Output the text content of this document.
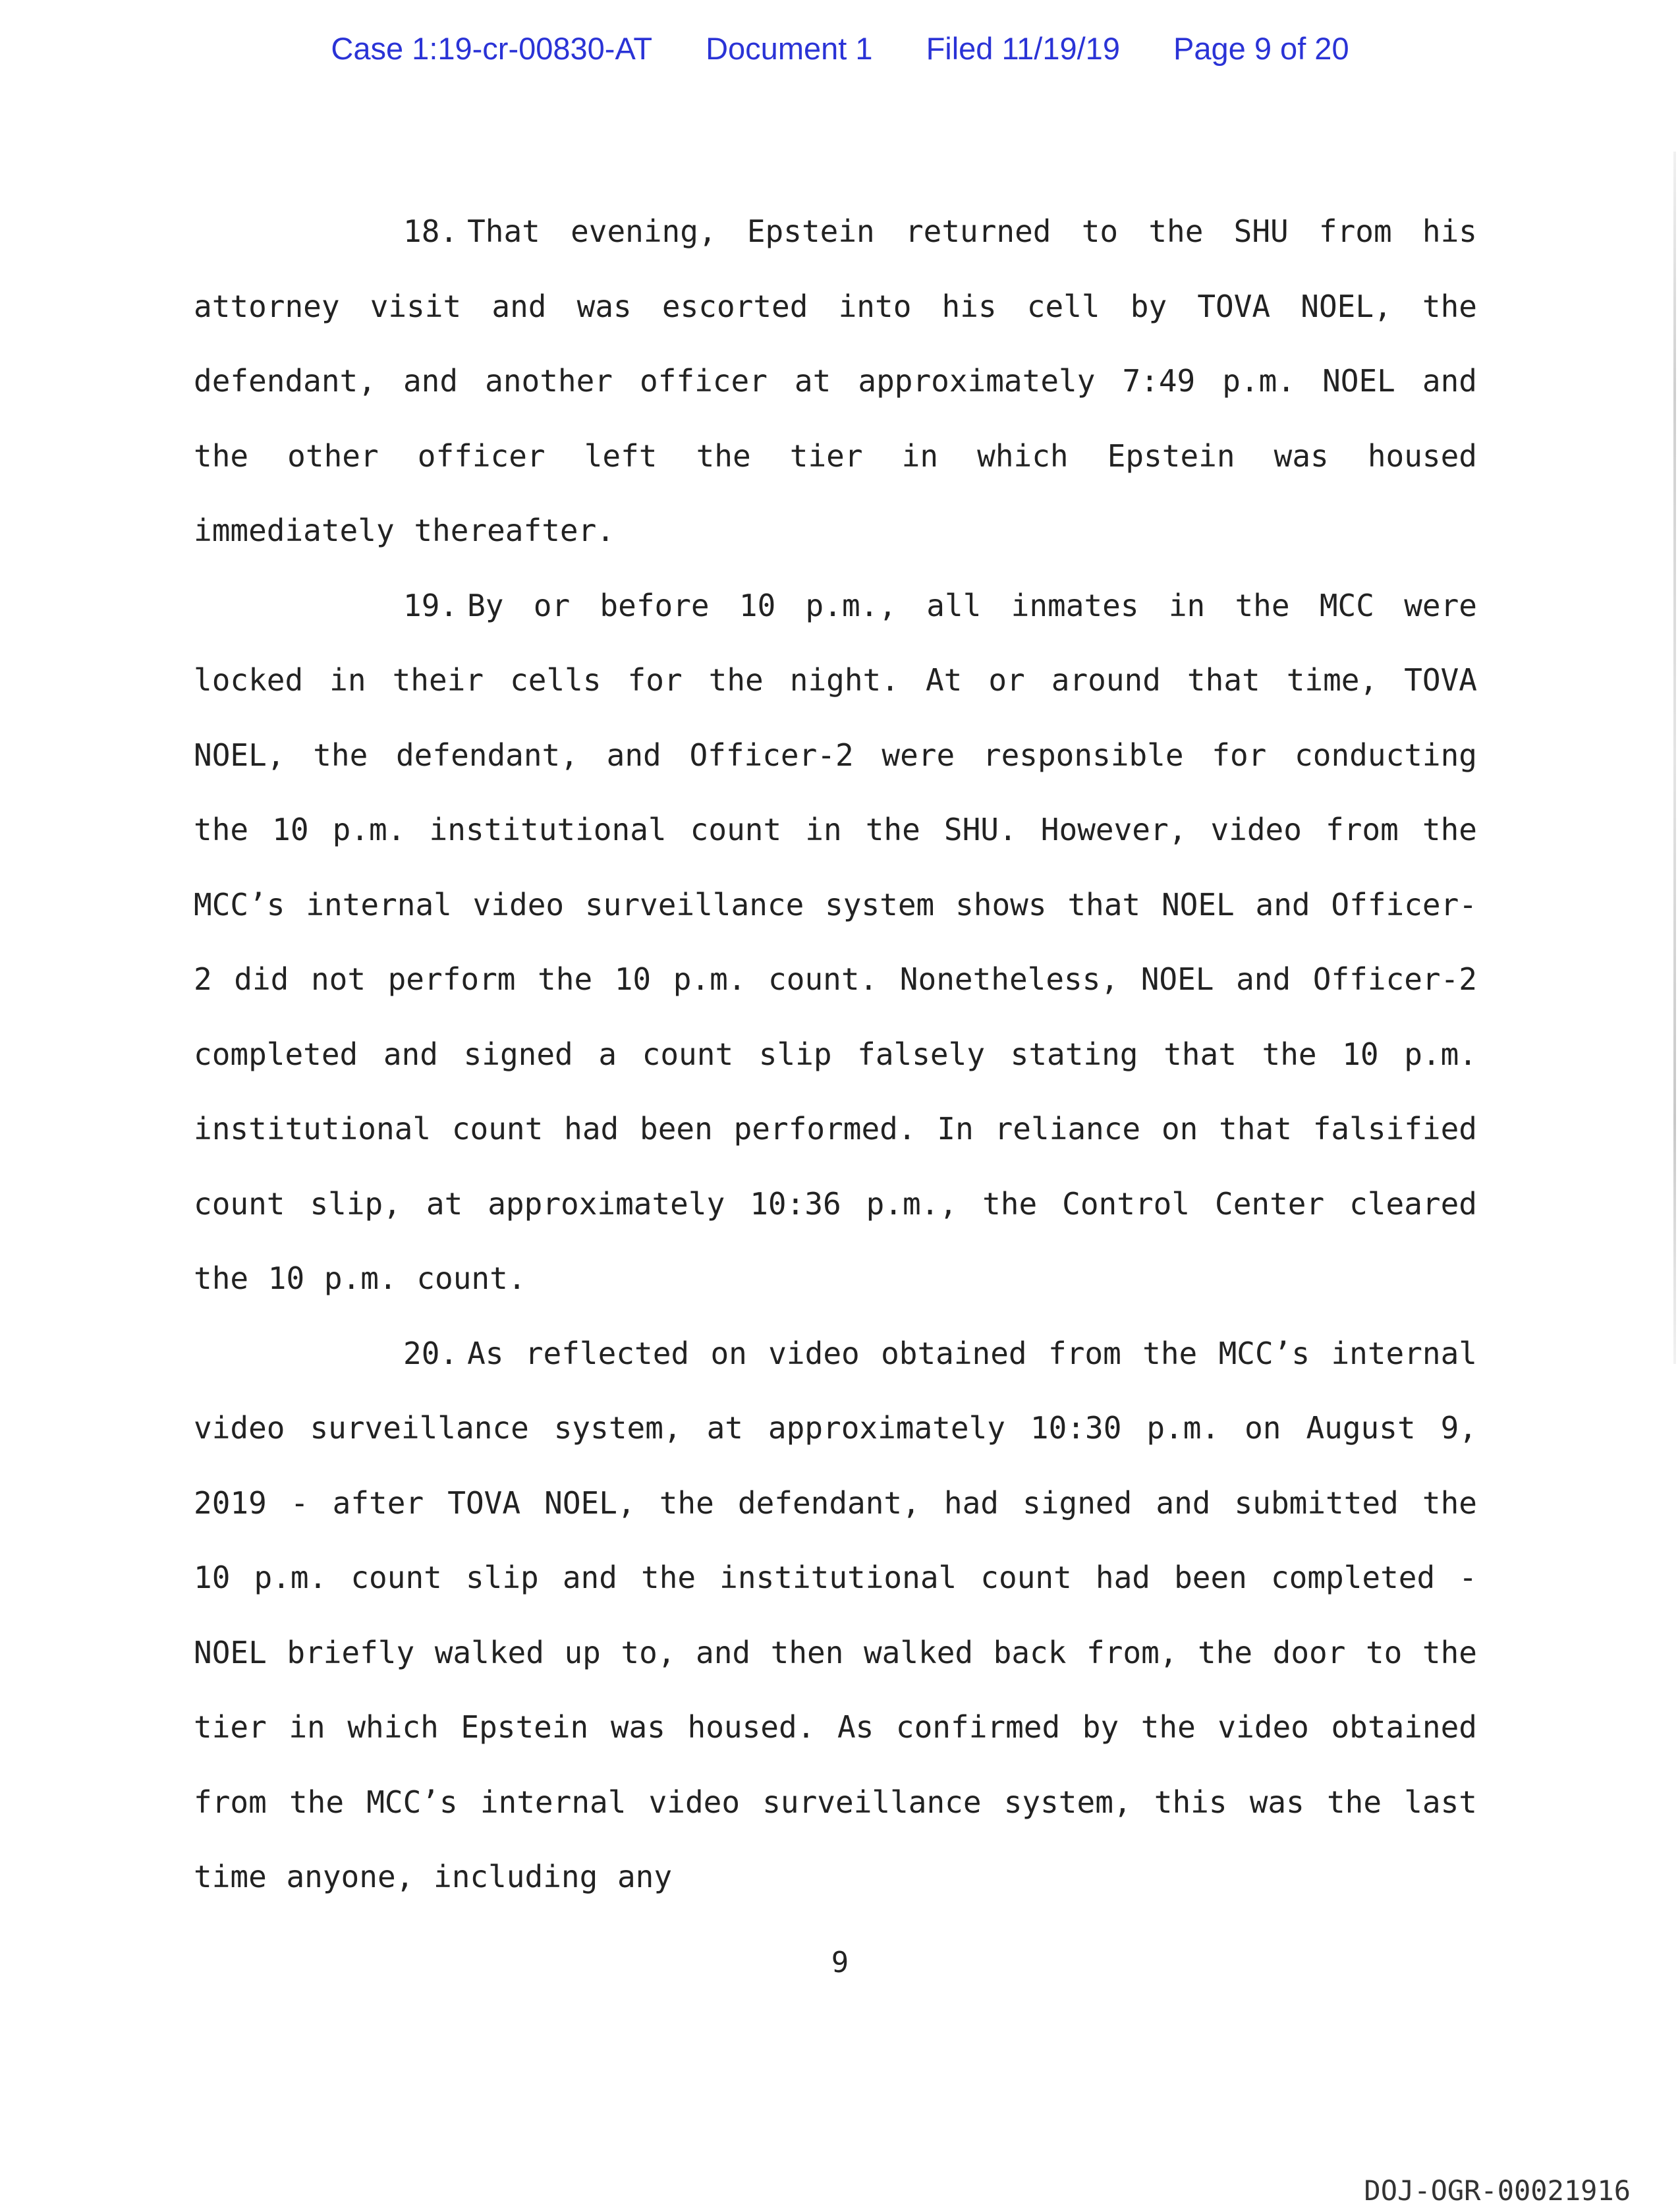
Case 1:19-cr-00830-AT Document 1 Filed 11/19/19 Page 9 of 20

18. That evening, Epstein returned to the SHU from his attorney visit and was escorted into his cell by TOVA NOEL, the defendant, and another officer at approximately 7:49 p.m. NOEL and the other officer left the tier in which Epstein was housed immediately thereafter.

19. By or before 10 p.m., all inmates in the MCC were locked in their cells for the night. At or around that time, TOVA NOEL, the defendant, and Officer-2 were responsible for conducting the 10 p.m. institutional count in the SHU. However, video from the MCC’s internal video surveillance system shows that NOEL and Officer-2 did not perform the 10 p.m. count. Nonetheless, NOEL and Officer-2 completed and signed a count slip falsely stating that the 10 p.m. institutional count had been performed. In reliance on that falsified count slip, at approximately 10:36 p.m., the Control Center cleared the 10 p.m. count.

20. As reflected on video obtained from the MCC’s internal video surveillance system, at approximately 10:30 p.m. on August 9, 2019 - after TOVA NOEL, the defendant, had signed and submitted the 10 p.m. count slip and the institutional count had been completed - NOEL briefly walked up to, and then walked back from, the door to the tier in which Epstein was housed. As confirmed by the video obtained from the MCC’s internal video surveillance system, this was the last time anyone, including any

9
DOJ-OGR-00021916
